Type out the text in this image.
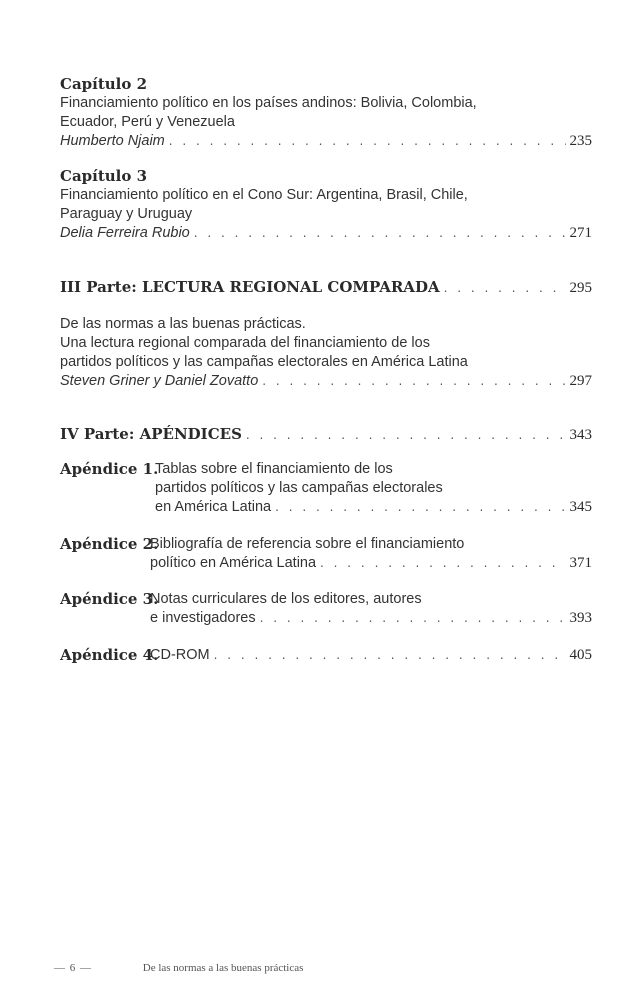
Capítulo 2
Financiamiento político en los países andinos: Bolivia, Colombia,
Ecuador, Perú y Venezuela
Humberto Njaim . . .	235
Capítulo 3
Financiamiento político en el Cono Sur: Argentina, Brasil, Chile,
Paraguay y Uruguay
Delia Ferreira Rubio . . .	271
III Parte: LECTURA REGIONAL COMPARADA . . .	295
De las normas a las buenas prácticas.
Una lectura regional comparada del financiamiento de los
partidos políticos y las campañas electorales en América Latina
Steven Griner y Daniel Zovatto . . .	297
IV Parte: APÉNDICES . . .	343
Apéndice 1.
Tablas sobre el financiamiento de los
partidos políticos y las campañas electorales
en América Latina . . .	345
Apéndice 2.
Bibliografía de referencia sobre el financiamiento
político en América Latina . . .	371
Apéndice 3.
Notas curriculares de los editores, autores
e investigadores . . .	393
Apéndice 4.
CD-ROM . . .	405
— 6 —	De las normas a las buenas prácticas
